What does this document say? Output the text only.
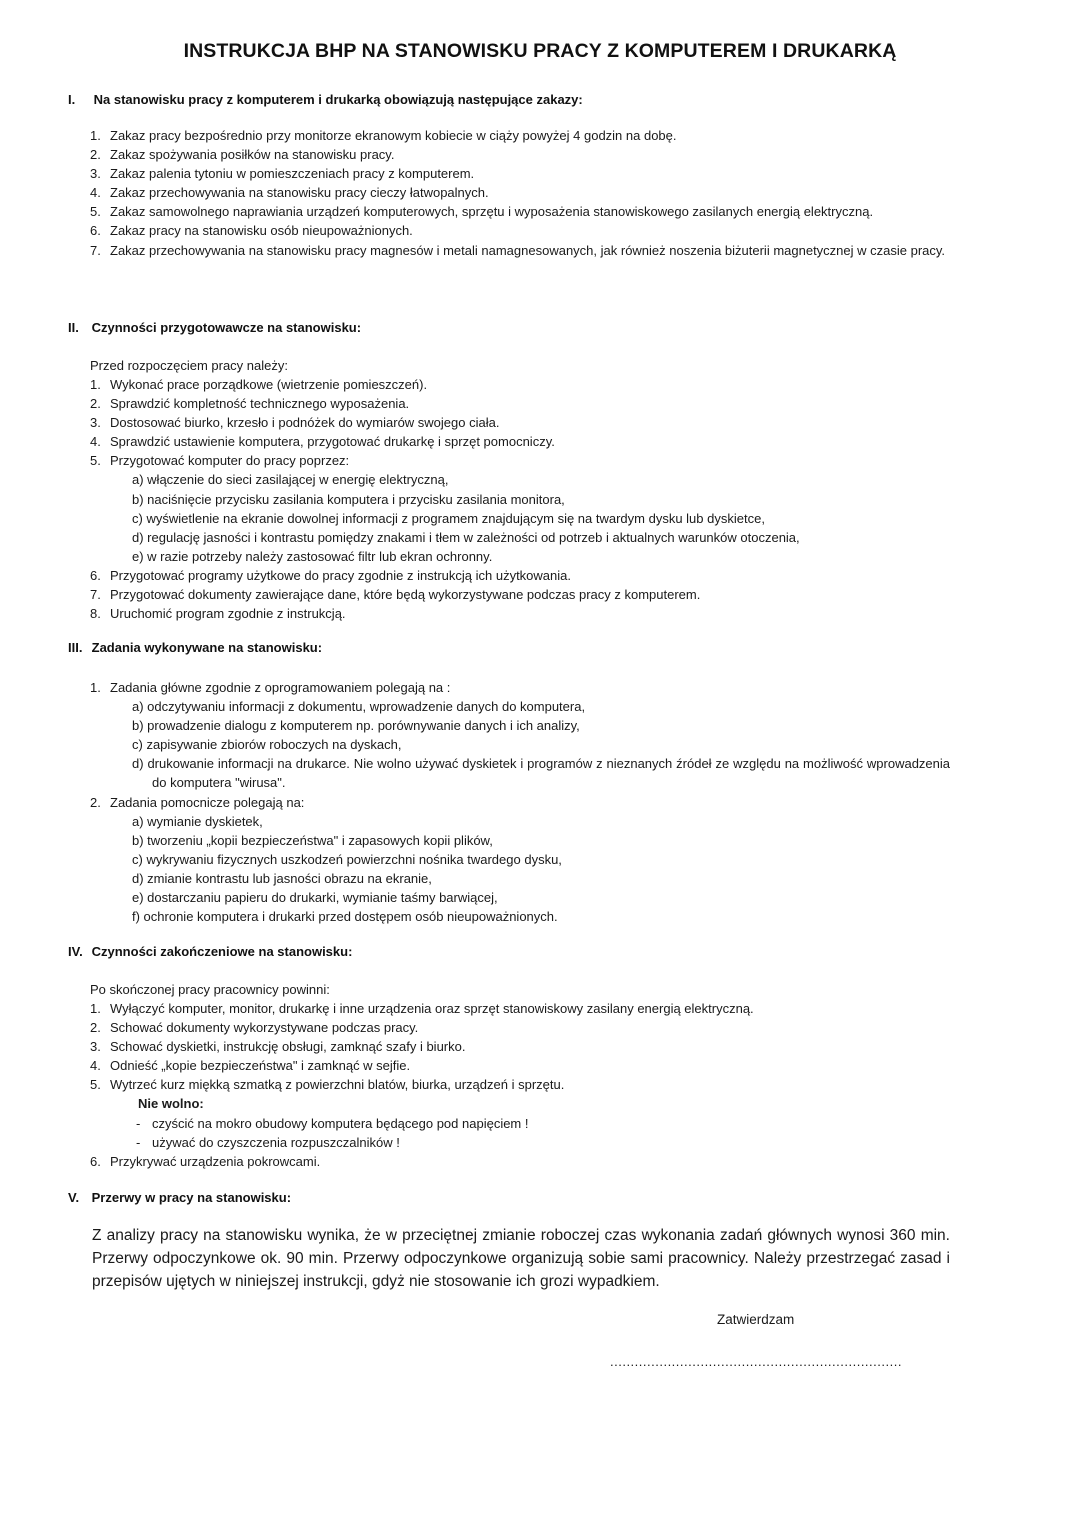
INSTRUKCJA BHP NA STANOWISKU PRACY Z KOMPUTEREM I DRUKARKĄ
I. Na stanowisku pracy z komputerem i drukarką obowiązują następujące zakazy:
1. Zakaz pracy bezpośrednio przy monitorze ekranowym kobiecie w ciąży powyżej 4 godzin na dobę.
2. Zakaz spożywania posiłków na stanowisku pracy.
3. Zakaz palenia tytoniu w pomieszczeniach pracy z komputerem.
4. Zakaz przechowywania na stanowisku pracy cieczy łatwopalnych.
5. Zakaz samowolnego naprawiania urządzeń komputerowych, sprzętu i wyposażenia stanowiskowego zasilanych energią elektryczną.
6. Zakaz pracy na stanowisku osób nieupoważnionych.
7. Zakaz przechowywania na stanowisku pracy magnesów i metali namagnesowanych, jak również noszenia biżuterii magnetycznej w czasie pracy.
II. Czynności przygotowawcze na stanowisku:
Przed rozpoczęciem pracy należy:
1. Wykonać prace porządkowe (wietrzenie pomieszczeń).
2. Sprawdzić kompletność technicznego wyposażenia.
3. Dostosować biurko, krzesło i podnóżek do wymiarów swojego ciała.
4. Sprawdzić ustawienie komputera, przygotować drukarkę i sprzęt pomocniczy.
5. Przygotować komputer do pracy poprzez:
a) włączenie do sieci zasilającej w energię elektryczną,
b) naciśnięcie przycisku zasilania komputera i przycisku zasilania monitora,
c) wyświetlenie na ekranie dowolnej informacji z programem znajdującym się na twardym dysku lub dyskietce,
d) regulację jasności i kontrastu pomiędzy znakami i tłem w zależności od potrzeb i aktualnych warunków otoczenia,
e) w razie potrzeby należy zastosować filtr lub ekran ochronny.
6. Przygotować programy użytkowe do pracy zgodnie z instrukcją ich użytkowania.
7. Przygotować dokumenty zawierające dane, które będą wykorzystywane podczas pracy z komputerem.
8. Uruchomić program zgodnie z instrukcją.
III. Zadania wykonywane na stanowisku:
1. Zadania główne zgodnie z oprogramowaniem polegają na :
a) odczytywaniu informacji z dokumentu, wprowadzenie danych do komputera,
b) prowadzenie dialogu z komputerem np. porównywanie danych i ich analizy,
c) zapisywanie zbiorów roboczych na dyskach,
d) drukowanie informacji na drukarce. Nie wolno używać dyskietek i programów z nieznanych źródeł ze względu na możliwość wprowadzenia do komputera "wirusa".
2. Zadania pomocnicze polegają na:
a) wymianie dyskietek,
b) tworzeniu „kopii bezpieczeństwa" i zapasowych kopii plików,
c) wykrywaniu fizycznych uszkodzeń powierzchni nośnika twardego dysku,
d) zmianie kontrastu lub jasności obrazu na ekranie,
e) dostarczaniu papieru do drukarki, wymianie taśmy barwiącej,
f) ochronie komputera i drukarki przed dostępem osób nieupoważnionych.
IV. Czynności zakończeniowe na stanowisku:
Po skończonej pracy pracownicy powinni:
1. Wyłączyć komputer, monitor, drukarkę i inne urządzenia oraz sprzęt stanowiskowy zasilany energią elektryczną.
2. Schować dokumenty wykorzystywane podczas pracy.
3. Schować dyskietki, instrukcję obsługi, zamknąć szafy i biurko.
4. Odnieść „kopie bezpieczeństwa" i zamknąć w sejfie.
5. Wytrzeć kurz miękką szmatką z powierzchni blatów, biurka, urządzeń i sprzętu.
Nie wolno:
- czyścić na mokro obudowy komputera będącego pod napięciem !
- używać do czyszczenia rozpuszczalników !
6. Przykrywać urządzenia pokrowcami.
V. Przerwy w pracy na stanowisku:
Z analizy pracy na stanowisku wynika, że w przeciętnej zmianie roboczej czas wykonania zadań głównych wynosi 360 min. Przerwy odpoczynkowe ok. 90 min. Przerwy odpoczynkowe organizują sobie sami pracownicy. Należy przestrzegać zasad i przepisów ujętych w niniejszej instrukcji, gdyż nie stosowanie ich grozi wypadkiem.
Zatwierdzam
.......................................................................
